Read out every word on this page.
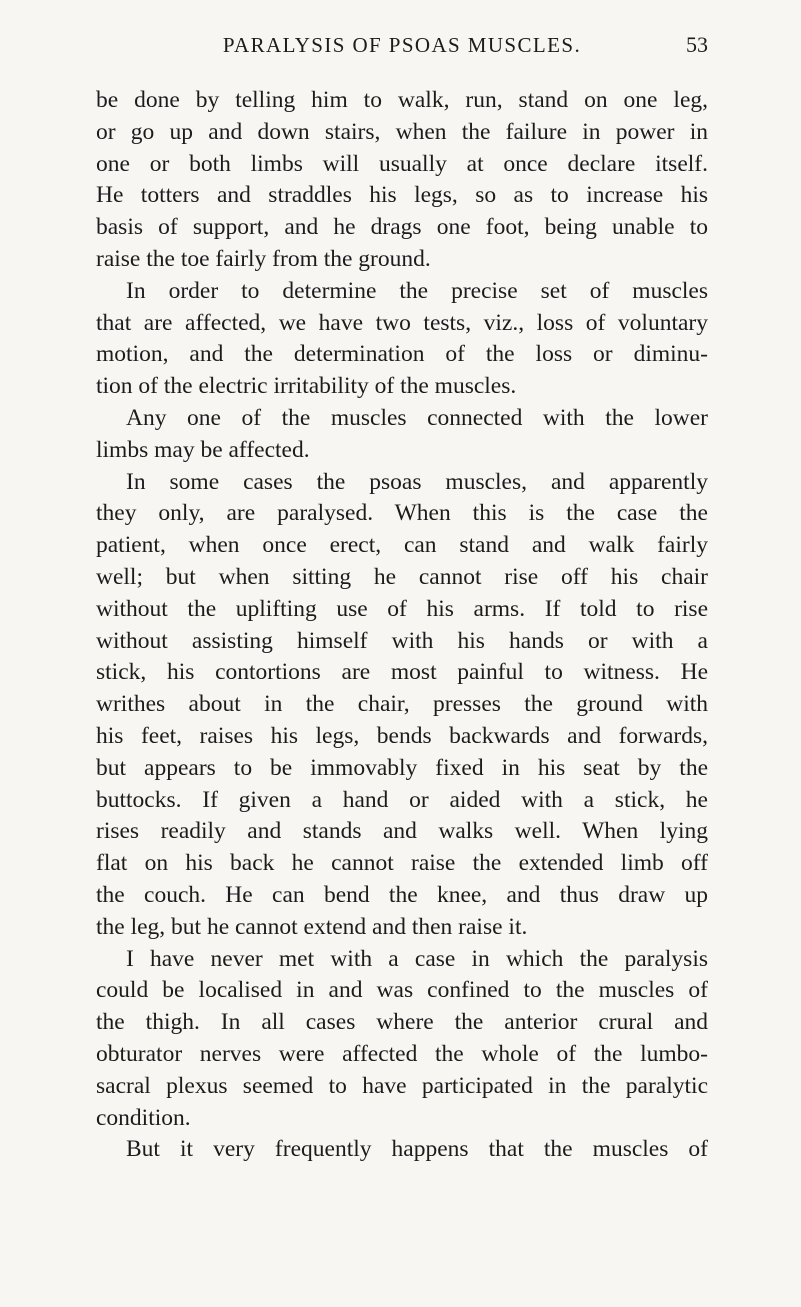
PARALYSIS OF PSOAS MUSCLES.	53
be done by telling him to walk, run, stand on one leg,
or go up and down stairs, when the failure in power in
one or both limbs will usually at once declare itself.
He totters and straddles his legs, so as to increase his
basis of support, and he drags one foot, being unable to
raise the toe fairly from the ground.
In order to determine the precise set of muscles
that are affected, we have two tests, viz., loss of voluntary
motion, and the determination of the loss or diminu-
tion of the electric irritability of the muscles.
Any one of the muscles connected with the lower
limbs may be affected.
In some cases the psoas muscles, and apparently
they only, are paralysed. When this is the case the
patient, when once erect, can stand and walk fairly
well; but when sitting he cannot rise off his chair
without the uplifting use of his arms. If told to rise
without assisting himself with his hands or with a
stick, his contortions are most painful to witness. He
writhes about in the chair, presses the ground with
his feet, raises his legs, bends backwards and forwards,
but appears to be immovably fixed in his seat by the
buttocks. If given a hand or aided with a stick, he
rises readily and stands and walks well. When lying
flat on his back he cannot raise the extended limb off
the couch. He can bend the knee, and thus draw up
the leg, but he cannot extend and then raise it.
I have never met with a case in which the paralysis
could be localised in and was confined to the muscles of
the thigh. In all cases where the anterior crural and
obturator nerves were affected the whole of the lumbo-
sacral plexus seemed to have participated in the paralytic
condition.
But it very frequently happens that the muscles of
